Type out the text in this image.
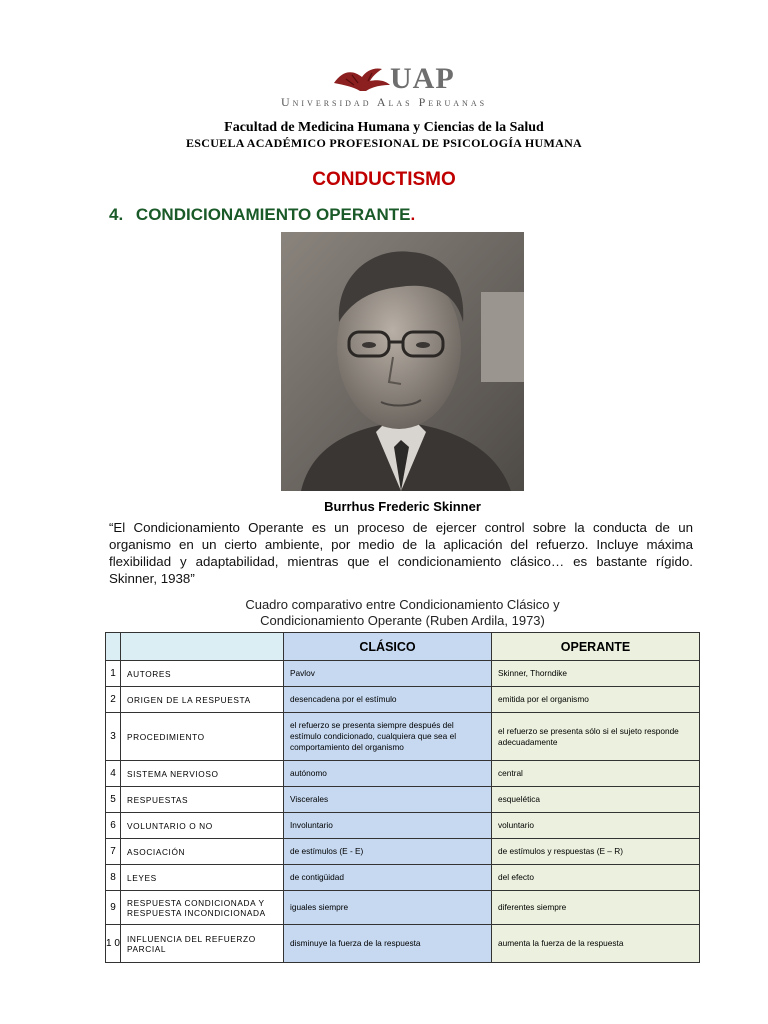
UAP
Universidad Alas Peruanas
Facultad de Medicina Humana y Ciencias de la Salud
ESCUELA ACADÉMICO PROFESIONAL DE PSICOLOGÍA HUMANA
CONDUCTISMO
4. CONDICIONAMIENTO OPERANTE.
Burrhus Frederic Skinner
“El Condicionamiento Operante es un proceso de ejercer control sobre la conducta de un
organismo en un cierto ambiente, por medio de la aplicación del refuerzo. Incluye máxima
flexibilidad y adaptabilidad, mientras que el condicionamiento clásico… es bastante rígido.
Skinner, 1938”
Cuadro comparativo entre Condicionamiento Clásico y
Condicionamiento Operante (Ruben Ardila, 1973)
		CLÁSICO	OPERANTE
1	AUTORES	Pavlov	Skinner, Thorndike
2	ORIGEN DE LA RESPUESTA	desencadena por el estímulo	emitida por el organismo
3	PROCEDIMIENTO	el refuerzo se presenta siempre después del estímulo condicionado, cualquiera que sea el comportamiento del organismo	el refuerzo se presenta sólo si el sujeto responde adecuadamente
4	SISTEMA NERVIOSO	autónomo	central
5	RESPUESTAS	Viscerales	esquelética
6	VOLUNTARIO O NO	Involuntario	voluntario
7	ASOCIACIÓN	de estímulos (E - E)	de estímulos y respuestas (E – R)
8	LEYES	de contigüidad	del efecto
9	RESPUESTA CONDICIONADA Y RESPUESTA INCONDICIONADA	iguales siempre	diferentes siempre
1 0	INFLUENCIA DEL REFUERZO PARCIAL	disminuye la fuerza de la respuesta	aumenta la fuerza de la respuesta
